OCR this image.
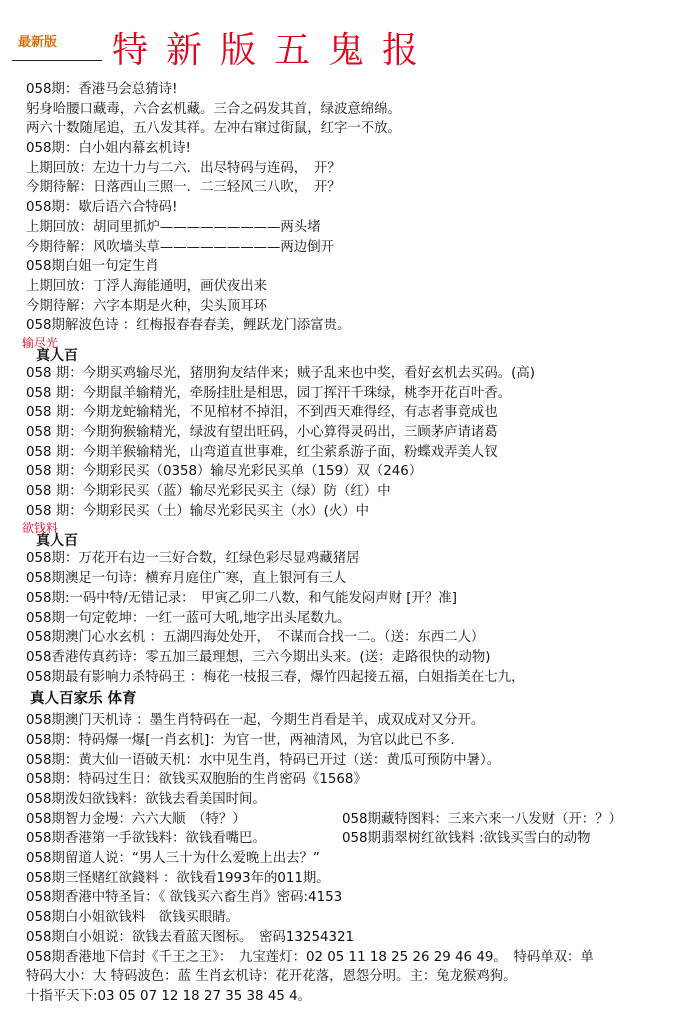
最新版 特新版五鬼报
058期：香港马会总猜诗!
躬身哈腰口藏毒，六合玄机藏。三合之码发其首，绿波意绵绵。
两六十数随尾追，五八发其祥。左冲右窜过街鼠，红字一不放。
058期：白小姐内幕玄机诗!
上期回放：左边十力与二六．出尽特码与连码，　开？
今期待解：日落西山三照一．二三轻风三八吹，　开？
058期：歇后语六合特码!
上期回放：胡同里抓炉—————————两头堵
今期待解：风吹墙头草—————————两边倒开
058期白姐一句定生肖
上期回放：丁浮人海能通明，画伏夜出来
今期待解：六字本期是火种，尖头顶耳环
058期解波色诗 ：红梅报春春春美，鲤跃龙门添富贵。
输尽光
真人百
058 期：今期买鸡输尽光，猪朋狗友结伴来；贼子乱来也中奖，看好玄机去买码。(高)
058 期：今期鼠羊输精光，牵肠挂肚是相思，园丁挥汗千珠绿，桃李开花百叶香。
058 期：今期龙蛇输精光，不见棺材不掉泪，不到西天难得经，有志者事竟成也
058 期：今期狗猴输精光，绿波有望出旺码，小心算得灵码出，三顾茅庐请诸葛
058 期：今期羊猴输精光，山弯道直世事难，红尘萦系游子面，粉蝶戏弄美人钗
058 期：今期彩民买（0358）输尽光彩民买单（159）双（246）
058 期：今期彩民买（蓝）输尽光彩民买主（绿）防（红）中
058 期：今期彩民买（土）输尽光彩民买主（水）(火）中
欲钱料
真人百
058期：万花开右边一三好合数，红绿色彩尽显鸡藏猪居
058期澳足一句诗：横弃月庭住广寒，直上银河有三人
058期:一码中特/无错记录：　甲寅乙卯二八数，和气能发闷声财 [开？准]
058期一句定乾坤：一红一蓝可大吼,地字出头尾数九。
058期澳门心水玄机 ：五湖四海处处开，　不谋而合找一二。（送：东西二人）
058香港传真药诗：零五加三最理想，三六今期出头来。(送：走路很快的动物)
058期最有影响力杀特码王 ：梅花一枝报三春，爆竹四起接五福，白姐指美在七九，
真人百家乐 体育
058期澳门天机诗 ：墨生肖特码在一起，今期生肖看是羊，成双成对又分开。
058期：特码爆一爆[一肖玄机]：为官一世，两袖清风，为官以此已不多.
058期：黄大仙一语破天机：水中见生肖，特码已开过（送：黄瓜可预防中暑）。
058期：特码过生日：欲钱买双胞胎的生肖密码《1568》
058期泼妇欲钱料：欲钱去看美国时间。
058期智力金墁：六六大顺　（特？）	058期藏特图料：三来六来一八发财（开：？）
058期香港第一手欲钱料：欲钱看嘴巴。	058期翡翠树红欲钱料 :欲钱买雪白的动物
058期留道人说：“男人三十为什么爱晚上出去？”
058期三怪赌红欲錢料 ：欲钱看1993年的011期。
058期香港中特圣旨：《 欲钱买六畜生肖》密码:4153
058期白小姐欲钱料　欲钱买眼睛。
058期白小姐说：欲钱去看蓝天图标。　密码13254321
058期香港地下信封《千王之王》：　九宝莲灯：02 05 11 18 25 26 29 46 49。　特码单双：单
特码大小：大 特码波色：蓝 生肖玄机诗：花开花落，恩怨分明。主：兔龙猴鸡狗。
十指平天下:03 05 07 12 18 27 35 38 45 4。
